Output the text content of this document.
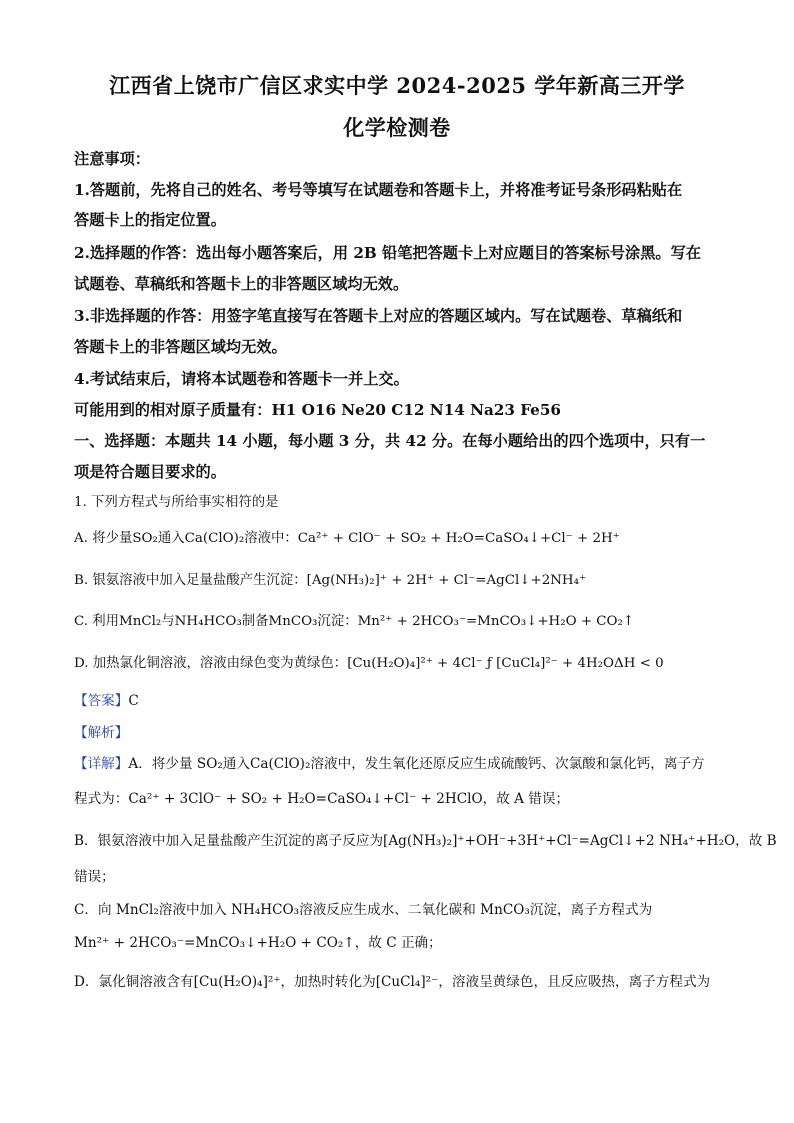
江西省上饶市广信区求实中学 2024-2025 学年新高三开学
化学检测卷
注意事项：
1.答题前，先将自己的姓名、考号等填写在试题卷和答题卡上，并将准考证号条形码粘贴在
答题卡上的指定位置。
2.选择题的作答：选出每小题答案后，用 2B 铅笔把答题卡上对应题目的答案标号涂黑。写在
试题卷、草稿纸和答题卡上的非答题区域均无效。
3.非选择题的作答：用签字笔直接写在答题卡上对应的答题区域内。写在试题卷、草稿纸和
答题卡上的非答题区域均无效。
4.考试结束后，请将本试题卷和答题卡一并上交。
可能用到的相对原子质量有：H1 O16 Ne20 C12 N14 Na23 Fe56
一、选择题：本题共 14 小题，每小题 3 分，共 42 分。在每小题给出的四个选项中，只有一
项是符合题目要求的。
1. 下列方程式与所给事实相符的是
A. 将少量SO₂通入Ca(ClO)₂溶液中：Ca²⁺ + ClO⁻ + SO₂ + H₂O=CaSO₄↓+Cl⁻ + 2H⁺
B. 银氨溶液中加入足量盐酸产生沉淀：[Ag(NH₃)₂]⁺ + 2H⁺ + Cl⁻=AgCl↓+2NH₄⁺
C. 利用MnCl₂与NH₄HCO₃制备MnCO₃沉淀：Mn²⁺ + 2HCO₃⁻=MnCO₃↓+H₂O + CO₂↑
D. 加热氯化铜溶液，溶液由绿色变为黄绿色：[Cu(H₂O)₄]²⁺ + 4Cl⁻ ƒ [CuCl₄]²⁻ + 4H₂OΔH < 0
【答案】C
【解析】
【详解】A．将少量 SO₂通入Ca(ClO)₂溶液中，发生氧化还原反应生成硫酸钙、次氯酸和氯化钙，离子方
程式为：Ca²⁺ + 3ClO⁻ + SO₂ + H₂O=CaSO₄↓+Cl⁻ + 2HClO，故 A 错误；
B．银氨溶液中加入足量盐酸产生沉淀的离子反应为[Ag(NH₃)₂]⁺+OH⁻+3H⁺+Cl⁻=AgCl↓+2 NH₄⁺+H₂O，故 B
错误；
C．向 MnCl₂溶液中加入 NH₄HCO₃溶液反应生成水、二氧化碳和 MnCO₃沉淀，离子方程式为
Mn²⁺ + 2HCO₃⁻=MnCO₃↓+H₂O + CO₂↑，故 C 正确；
D．氯化铜溶液含有[Cu(H₂O)₄]²⁺，加热时转化为[CuCl₄]²⁻，溶液呈黄绿色，且反应吸热，离子方程式为
